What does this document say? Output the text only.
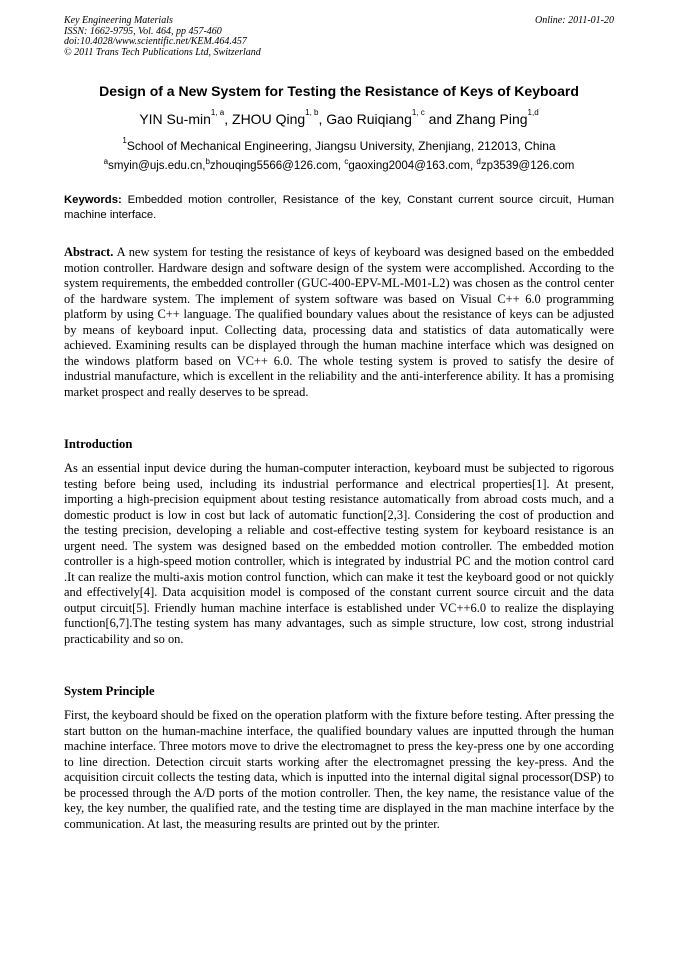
Key Engineering Materials
ISSN: 1662-9795, Vol. 464, pp 457-460
doi:10.4028/www.scientific.net/KEM.464.457
© 2011 Trans Tech Publications Ltd, Switzerland
Online: 2011-01-20
Design of a New System for Testing the Resistance of Keys of Keyboard
YIN $Su-\min^{1, a}$, ZHOU Qing$^{1, b}$, Gao Ruiqiang$^{1, c}$ and Zhang Ping$^{1,d}$
$^1$School of Mechanical Engineering, Jiangsu University, Zhenjiang, 212013, China
$^a$smyin@ujs.edu.cn,$^b$zhouqing5566@126.com, $^c$gaoxing2004@163.com, $^d$zp3539@126.com
Keywords: Embedded motion controller, Resistance of the key, Constant current source circuit, Human machine interface.
Abstract. A new system for testing the resistance of keys of keyboard was designed based on the embedded motion controller. Hardware design and software design of the system were accomplished. According to the system requirements, the embedded controller (GUC-400-EPV-ML-M01-L2) was chosen as the control center of the hardware system. The implement of system software was based on Visual C++ 6.0 programming platform by using C++ language. The qualified boundary values about the resistance of keys can be adjusted by means of keyboard input. Collecting data, processing data and statistics of data automatically were achieved. Examining results can be displayed through the human machine interface which was designed on the windows platform based on VC++ 6.0. The whole testing system is proved to satisfy the desire of industrial manufacture, which is excellent in the reliability and the anti-interference ability. It has a promising market prospect and really deserves to be spread.
Introduction
As an essential input device during the human-computer interaction, keyboard must be subjected to rigorous testing before being used, including its industrial performance and electrical properties[1]. At present, importing a high-precision equipment about testing resistance automatically from abroad costs much, and a domestic product is low in cost but lack of automatic function[2,3]. Considering the cost of production and the testing precision, developing a reliable and cost-effective testing system for keyboard resistance is an urgent need. The system was designed based on the embedded motion controller. The embedded motion controller is a high-speed motion controller, which is integrated by industrial PC and the motion control card .It can realize the multi-axis motion control function, which can make it test the keyboard good or not quickly and effectively[4]. Data acquisition model is composed of the constant current source circuit and the data output circuit[5]. Friendly human machine interface is established under VC++6.0 to realize the displaying function[6,7].The testing system has many advantages, such as simple structure, low cost, strong industrial practicability and so on.
System Principle
First, the keyboard should be fixed on the operation platform with the fixture before testing. After pressing the start button on the human-machine interface, the qualified boundary values are inputted through the human machine interface. Three motors move to drive the electromagnet to press the key-press one by one according to line direction. Detection circuit starts working after the electromagnet pressing the key-press. And the acquisition circuit collects the testing data, which is inputted into the internal digital signal processor(DSP) to be processed through the A/D ports of the motion controller. Then, the key name, the resistance value of the key, the key number, the qualified rate, and the testing time are displayed in the man machine interface by the communication. At last, the measuring results are printed out by the printer.
